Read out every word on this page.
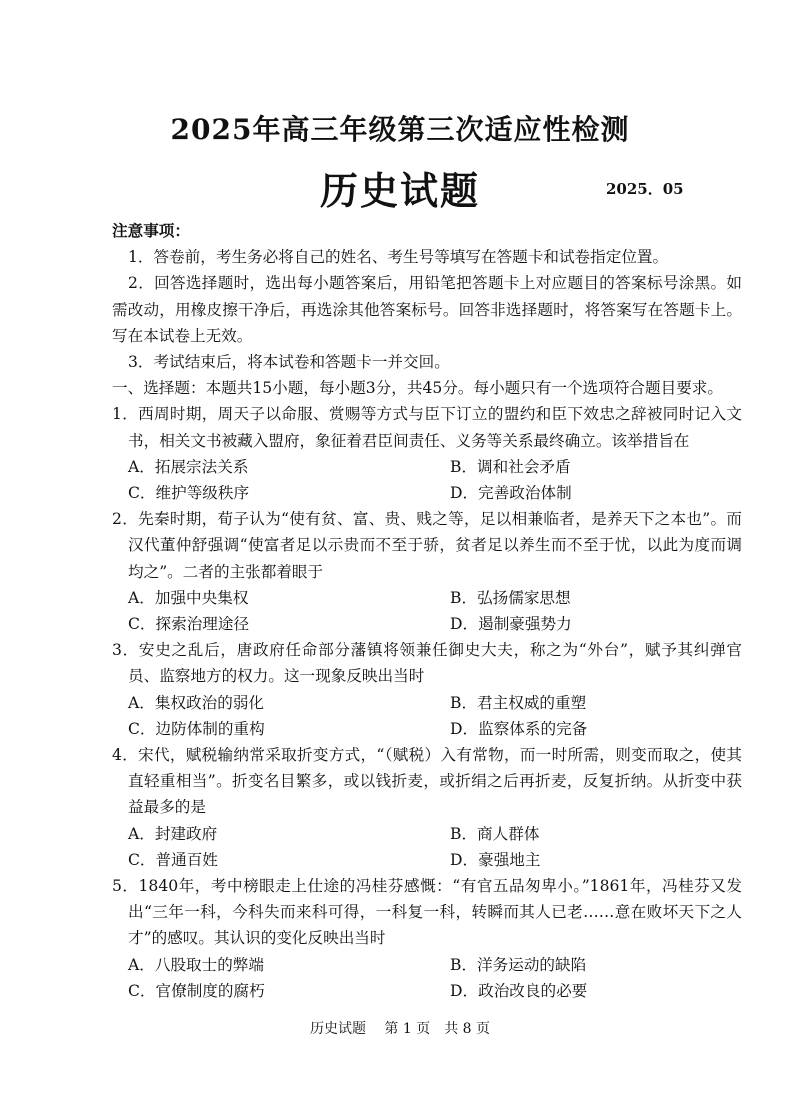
2025年高三年级第三次适应性检测
历史试题	2025．05
注意事项：
1．答卷前，考生务必将自己的姓名、考生号等填写在答题卡和试卷指定位置。
2．回答选择题时，选出每小题答案后，用铅笔把答题卡上对应题目的答案标号涂黑。如需改动，用橡皮擦干净后，再选涂其他答案标号。回答非选择题时，将答案写在答题卡上。写在本试卷上无效。
3．考试结束后，将本试卷和答题卡一并交回。
一、选择题：本题共15小题，每小题3分，共45分。每小题只有一个选项符合题目要求。
1．西周时期，周天子以命服、赏赐等方式与臣下订立的盟约和臣下效忠之辞被同时记入文书，相关文书被藏入盟府，象征着君臣间责任、义务等关系最终确立。该举措旨在
A．拓展宗法关系	B．调和社会矛盾
C．维护等级秩序	D．完善政治体制
2．先秦时期，荀子认为“使有贫、富、贵、贱之等，足以相兼临者，是养天下之本也”。而汉代董仲舒强调“使富者足以示贵而不至于骄，贫者足以养生而不至于忧，以此为度而调均之”。二者的主张都着眼于
A．加强中央集权	B．弘扬儒家思想
C．探索治理途径	D．遏制豪强势力
3．安史之乱后，唐政府任命部分藩镇将领兼任御史大夫，称之为“外台”，赋予其纠弹官员、监察地方的权力。这一现象反映出当时
A．集权政治的弱化	B．君主权威的重塑
C．边防体制的重构	D．监察体系的完备
4．宋代，赋税输纳常采取折变方式，“（赋税）入有常物，而一时所需，则变而取之，使其直轻重相当”。折变名目繁多，或以钱折麦，或折绢之后再折麦，反复折纳。从折变中获益最多的是
A．封建政府	B．商人群体
C．普通百姓	D．豪强地主
5．1840年，考中榜眼走上仕途的冯桂芬感慨：“有官五品匆卑小。”1861年，冯桂芬又发出“三年一科，今科失而来科可得，一科复一科，转瞬而其人已老……意在败坏天下之人才”的感叹。其认识的变化反映出当时
A．八股取士的弊端	B．洋务运动的缺陷
C．官僚制度的腐朽	D．政治改良的必要
历史试题　 第 1 页　共 8 页
